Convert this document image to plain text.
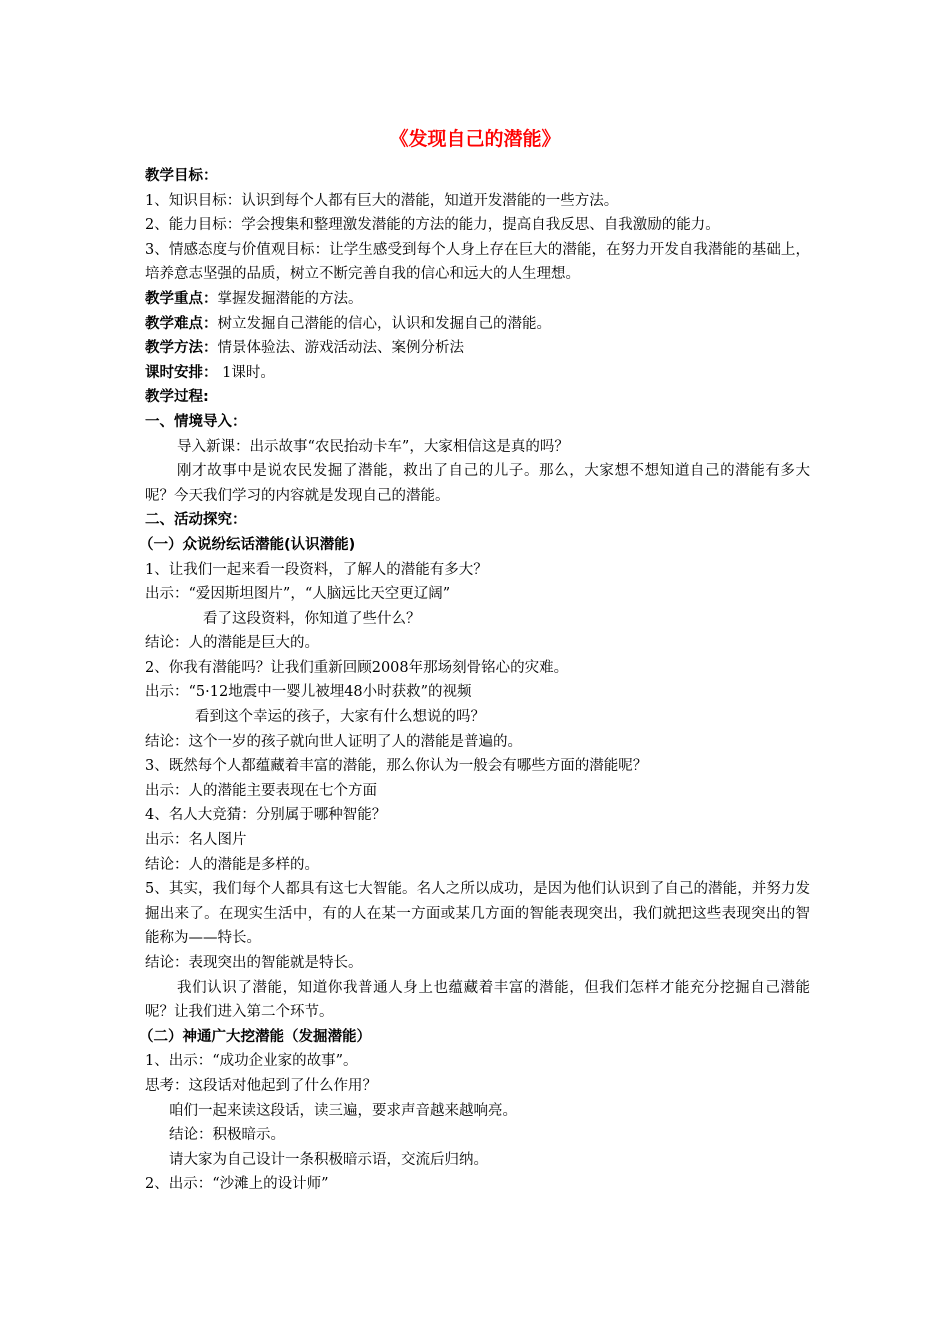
《发现自己的潜能》

教学目标：

1、知识目标：认识到每个人都有巨大的潜能，知道开发潜能的一些方法。

2、能力目标：学会搜集和整理激发潜能的方法的能力，提高自我反思、自我激励的能力。

3、情感态度与价值观目标：让学生感受到每个人身上存在巨大的潜能，在努力开发自我潜能的基础上，培养意志坚强的品质，树立不断完善自我的信心和远大的人生理想。

教学重点：掌握发掘潜能的方法。

教学难点：树立发掘自己潜能的信心，认识和发掘自己的潜能。

教学方法：情景体验法、游戏活动法、案例分析法

课时安排： 1课时。

教学过程:

一、情境导入：

导入新课：出示故事“农民抬动卡车”，大家相信这是真的吗？

刚才故事中是说农民发掘了潜能，救出了自己的儿子。那么，大家想不想知道自己的潜能有多大呢？今天我们学习的内容就是发现自己的潜能。

二、活动探究：

（一）众说纷纭话潜能(认识潜能)

1、让我们一起来看一段资料，了解人的潜能有多大？

出示：“爱因斯坦图片”，“人脑远比天空更辽阔”

看了这段资料，你知道了些什么？

结论：人的潜能是巨大的。

2、你我有潜能吗？让我们重新回顾2008年那场刻骨铭心的灾难。

出示：“5·12地震中一婴儿被埋48小时获救”的视频

看到这个幸运的孩子，大家有什么想说的吗？

结论：这个一岁的孩子就向世人证明了人的潜能是普遍的。

3、既然每个人都蕴藏着丰富的潜能，那么你认为一般会有哪些方面的潜能呢？

出示：人的潜能主要表现在七个方面

4、名人大竞猜：分别属于哪种智能？

出示：名人图片

结论：人的潜能是多样的。

5、其实，我们每个人都具有这七大智能。名人之所以成功，是因为他们认识到了自己的潜能，并努力发掘出来了。在现实生活中，有的人在某一方面或某几方面的智能表现突出，我们就把这些表现突出的智能称为——特长。

结论：表现突出的智能就是特长。

我们认识了潜能，知道你我普通人身上也蕴藏着丰富的潜能，但我们怎样才能充分挖掘自己潜能呢？让我们进入第二个环节。

（二）神通广大挖潜能（发掘潜能）

1、出示：“成功企业家的故事”。

思考：这段话对他起到了什么作用？

咱们一起来读这段话，读三遍，要求声音越来越响亮。

结论：积极暗示。

请大家为自己设计一条积极暗示语，交流后归纳。

2、出示：“沙滩上的设计师”
